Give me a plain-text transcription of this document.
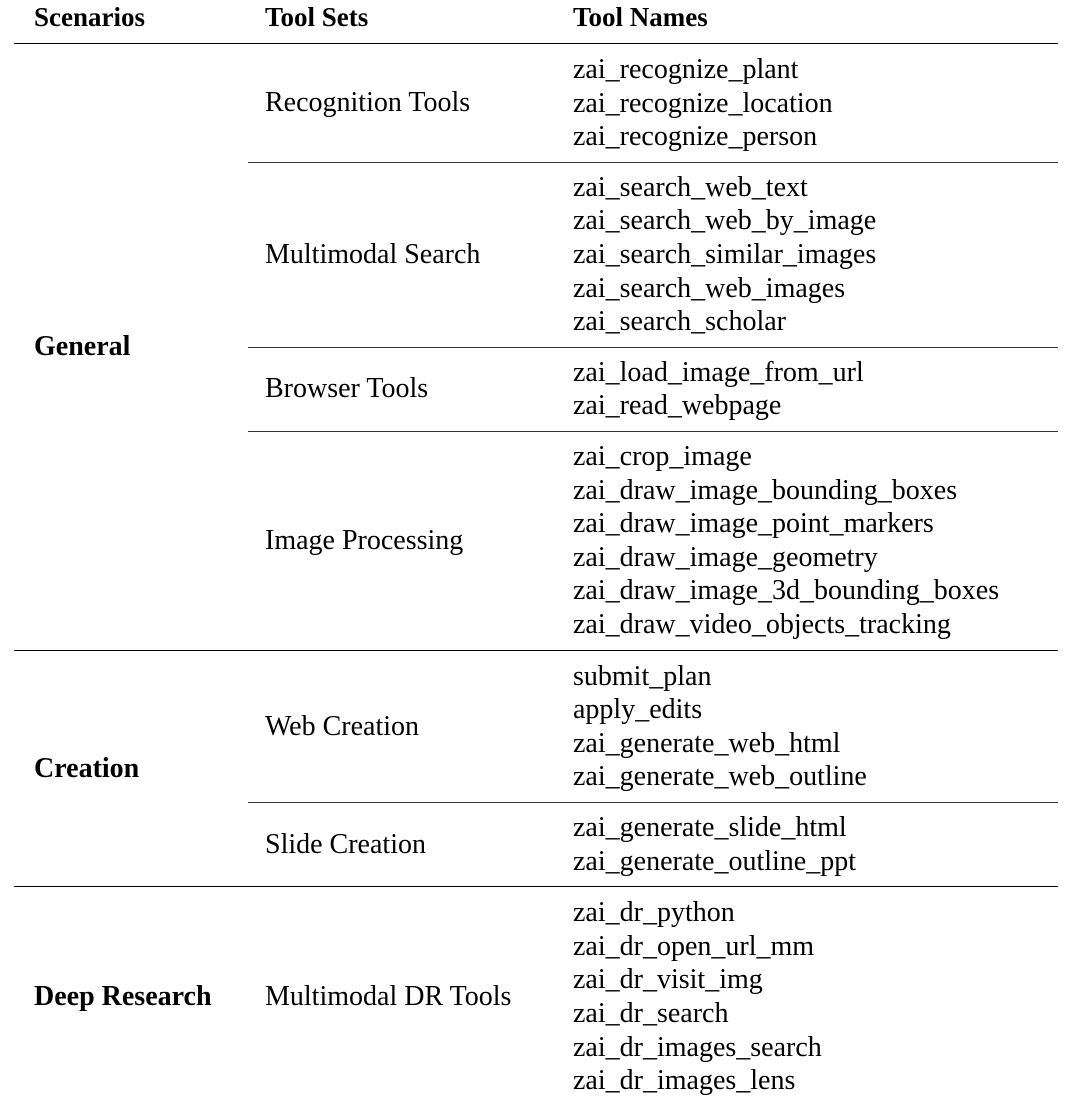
Scenarios	Tool Sets	Tool Names
Recognition Tools
zai_recognize_plant
zai_recognize_location
zai_recognize_person
Multimodal Search
zai_search_web_text
zai_search_web_by_image
zai_search_similar_images
zai_search_web_images
zai_search_scholar
Browser Tools
zai_load_image_from_url
zai_read_webpage
Image Processing
zai_crop_image
zai_draw_image_bounding_boxes
zai_draw_image_point_markers
zai_draw_image_geometry
zai_draw_image_3d_bounding_boxes
zai_draw_video_objects_tracking
General
Web Creation
submit_plan
apply_edits
zai_generate_web_html
zai_generate_web_outline
Slide Creation
zai_generate_slide_html
zai_generate_outline_ppt
Creation
Multimodal DR Tools
zai_dr_python
zai_dr_open_url_mm
zai_dr_visit_img
zai_dr_search
zai_dr_images_search
zai_dr_images_lens
Deep Research
